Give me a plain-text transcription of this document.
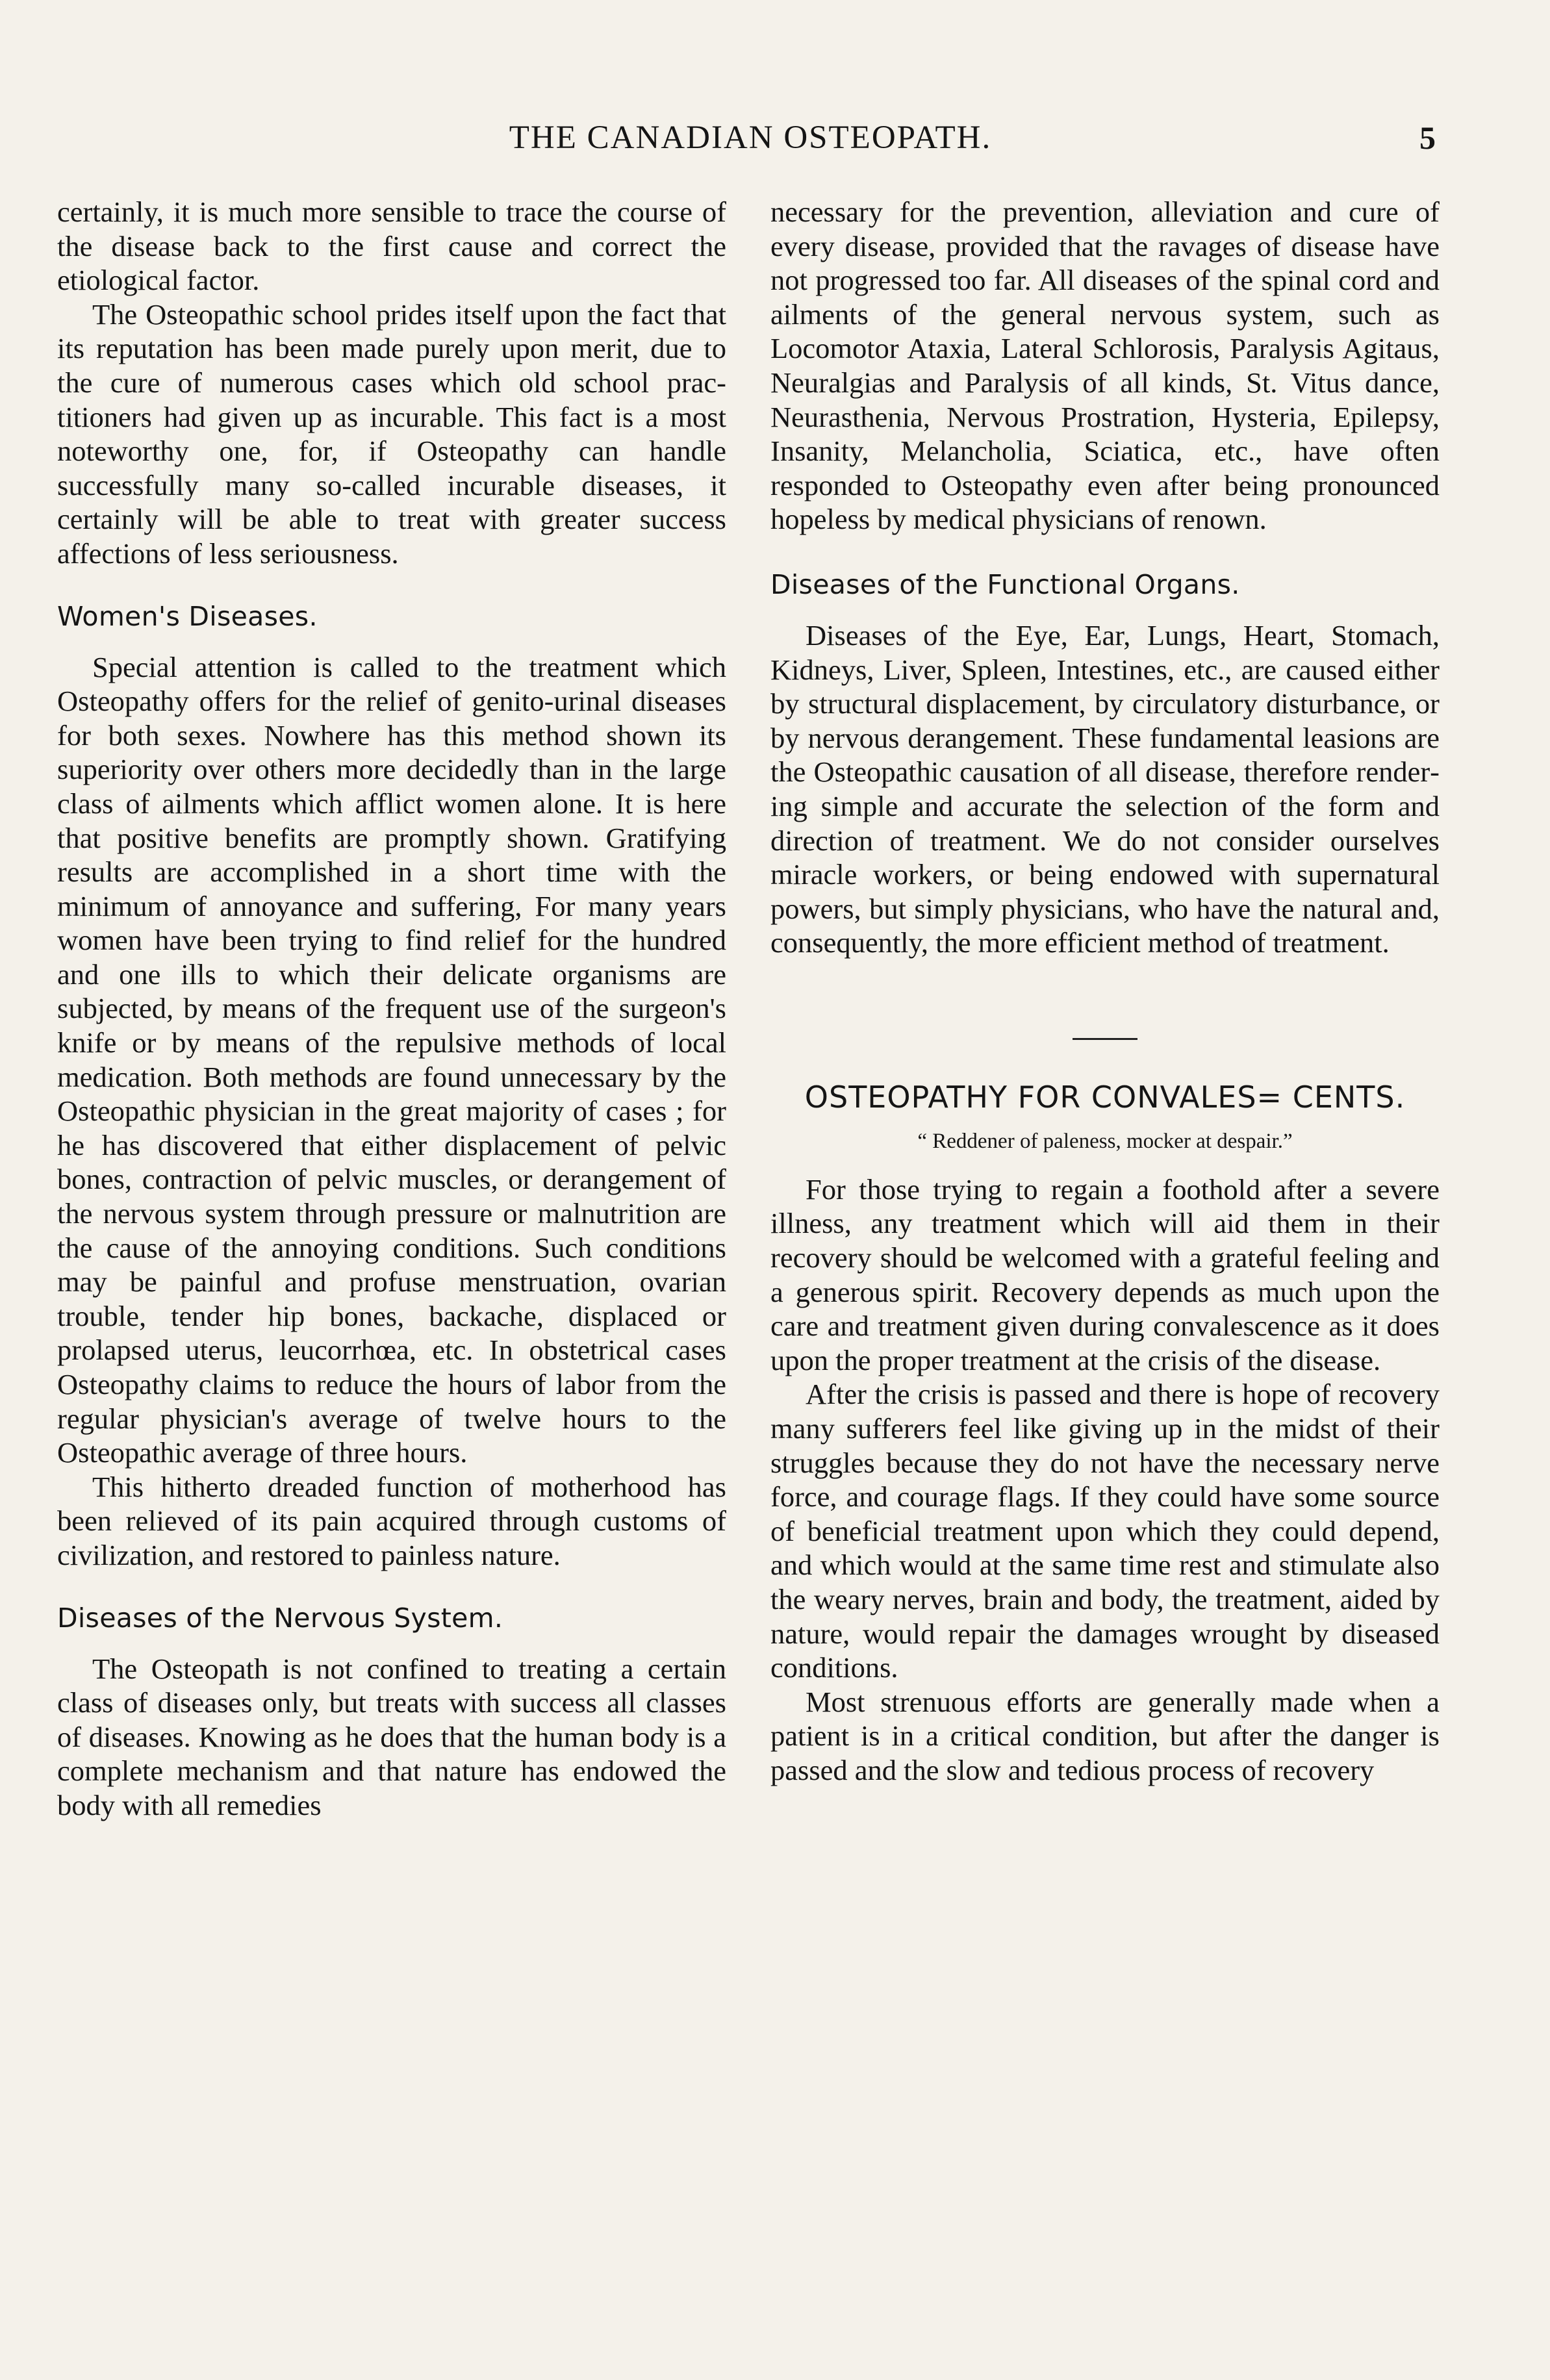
THE CANADIAN OSTEOPATH.	5

certainly, it is much more sensible to trace the course of the disease back to the first cause and correct the etiological factor.

The Osteopathic school prides itself upon the fact that its reputation has been made purely upon merit, due to the cure of numerous cases which old school practitioners had given up as incurable. This fact is a most noteworthy one, for, if Osteopathy can handle successfully many so-called incurable diseases, it certainly will be able to treat with greater success affections of less seriousness.

Women's Diseases.

Special attention is called to the treatment which Osteopathy offers for the relief of genito-urinal diseases for both sexes. Nowhere has this method shown its superiority over others more decidedly than in the large class of ailments which afflict women alone. It is here that positive benefits are promptly shown. Gratifying results are accomplished in a short time with the minimum of annoyance and suffering, For many years women have been trying to find relief for the hundred and one ills to which their delicate organisms are subjected, by means of the frequent use of the surgeon's knife or by means of the repulsive methods of local medication. Both methods are found unnecessary by the Osteopathic physician in the great majority of cases ; for he has discovered that either displacement of pelvic bones, contraction of pelvic muscles, or derangement of the nervous system through pressure or malnutrition are the cause of the annoying conditions. Such conditions may be painful and profuse menstruation, ovarian trouble, tender hip bones, backache, displaced or prolapsed uterus, leucorrhœa, etc. In obstetrical cases Osteopathy claims to reduce the hours of labor from the regular physician's average of twelve hours to the Osteopathic average of three hours.

This hitherto dreaded function of motherhood has been relieved of its pain acquired through customs of civilization, and restored to painless nature.

Diseases of the Nervous System.

The Osteopath is not confined to treating a certain class of diseases only, but treats with success all classes of diseases. Knowing as he does that the human body is a complete mechanism and that nature has endowed the body with all remedies

necessary for the prevention, alleviation and cure of every disease, provided that the ravages of disease have not progressed too far. All diseases of the spinal cord and ailments of the general nervous system, such as Locomotor Ataxia, Lateral Schlorosis, Paralysis Agitaus, Neuralgias and Paralysis of all kinds, St. Vitus dance, Neurasthenia, Nervous Prostration, Hysteria, Epilepsy, Insanity, Melancholia, Sciatica, etc., have often responded to Osteopathy even after being pronounced hopeless by medical physicians of renown.

Diseases of the Functional Organs.

Diseases of the Eye, Ear, Lungs, Heart, Stomach, Kidneys, Liver, Spleen, Intestines, etc., are caused either by structural displacement, by circulatory disturbance, or by nervous derangement. These fundamental leasions are the Osteopathic causation of all disease, therefore rendering simple and accurate the selection of the form and direction of treatment. We do not consider ourselves miracle workers, or being endowed with supernatural powers, but simply physicians, who have the natural and, consequently, the more efficient method of treatment.

OSTEOPATHY FOR CONVALES= CENTS.
“ Reddener of paleness, mocker at despair.”

For those trying to regain a foothold after a severe illness, any treatment which will aid them in their recovery should be welcomed with a grateful feeling and a generous spirit. Recovery depends as much upon the care and treatment given during convalescence as it does upon the proper treatment at the crisis of the disease.

After the crisis is passed and there is hope of recovery many sufferers feel like giving up in the midst of their struggles because they do not have the necessary nerve force, and courage flags. If they could have some source of beneficial treatment upon which they could depend, and which would at the same time rest and stimulate also the weary nerves, brain and body, the treatment, aided by nature, would repair the damages wrought by diseased conditions.

Most strenuous efforts are generally made when a patient is in a critical condition, but after the danger is passed and the slow and tedious process of recovery
